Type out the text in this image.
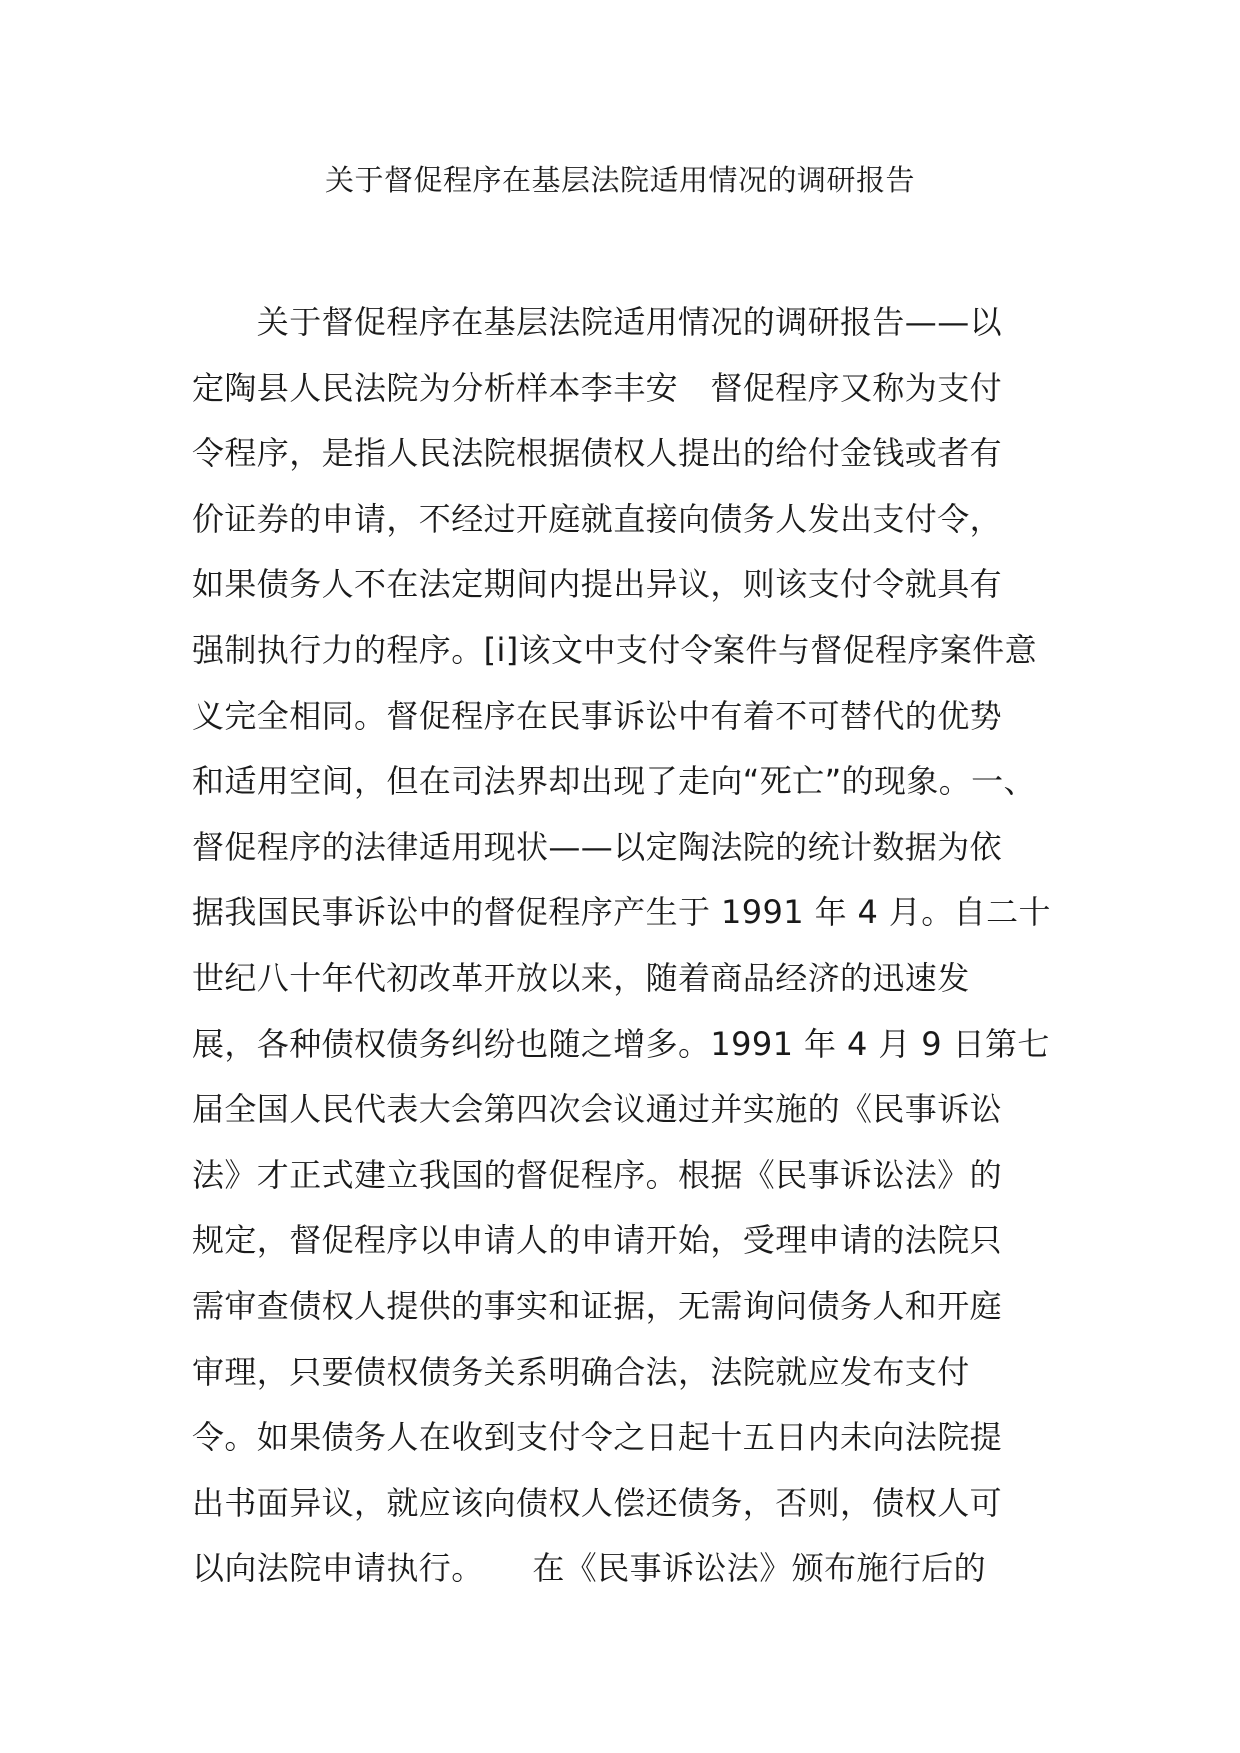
关于督促程序在基层法院适用情况的调研报告
　　关于督促程序在基层法院适用情况的调研报告——以
定陶县人民法院为分析样本李丰安　督促程序又称为支付
令程序，是指人民法院根据债权人提出的给付金钱或者有
价证券的申请，不经过开庭就直接向债务人发出支付令，
如果债务人不在法定期间内提出异议，则该支付令就具有
强制执行力的程序。[i]该文中支付令案件与督促程序案件意
义完全相同。督促程序在民事诉讼中有着不可替代的优势
和适用空间，但在司法界却出现了走向“死亡”的现象。一、
督促程序的法律适用现状——以定陶法院的统计数据为依
据我国民事诉讼中的督促程序产生于 1991 年 4 月。自二十
世纪八十年代初改革开放以来，随着商品经济的迅速发
展，各种债权债务纠纷也随之增多。1991 年 4 月 9 日第七
届全国人民代表大会第四次会议通过并实施的《民事诉讼
法》才正式建立我国的督促程序。根据《民事诉讼法》的
规定，督促程序以申请人的申请开始，受理申请的法院只
需审查债权人提供的事实和证据，无需询问债务人和开庭
审理，只要债权债务关系明确合法，法院就应发布支付
令。如果债务人在收到支付令之日起十五日内未向法院提
出书面异议，就应该向债权人偿还债务，否则，债权人可
以向法院申请执行。　　在《民事诉讼法》颁布施行后的
